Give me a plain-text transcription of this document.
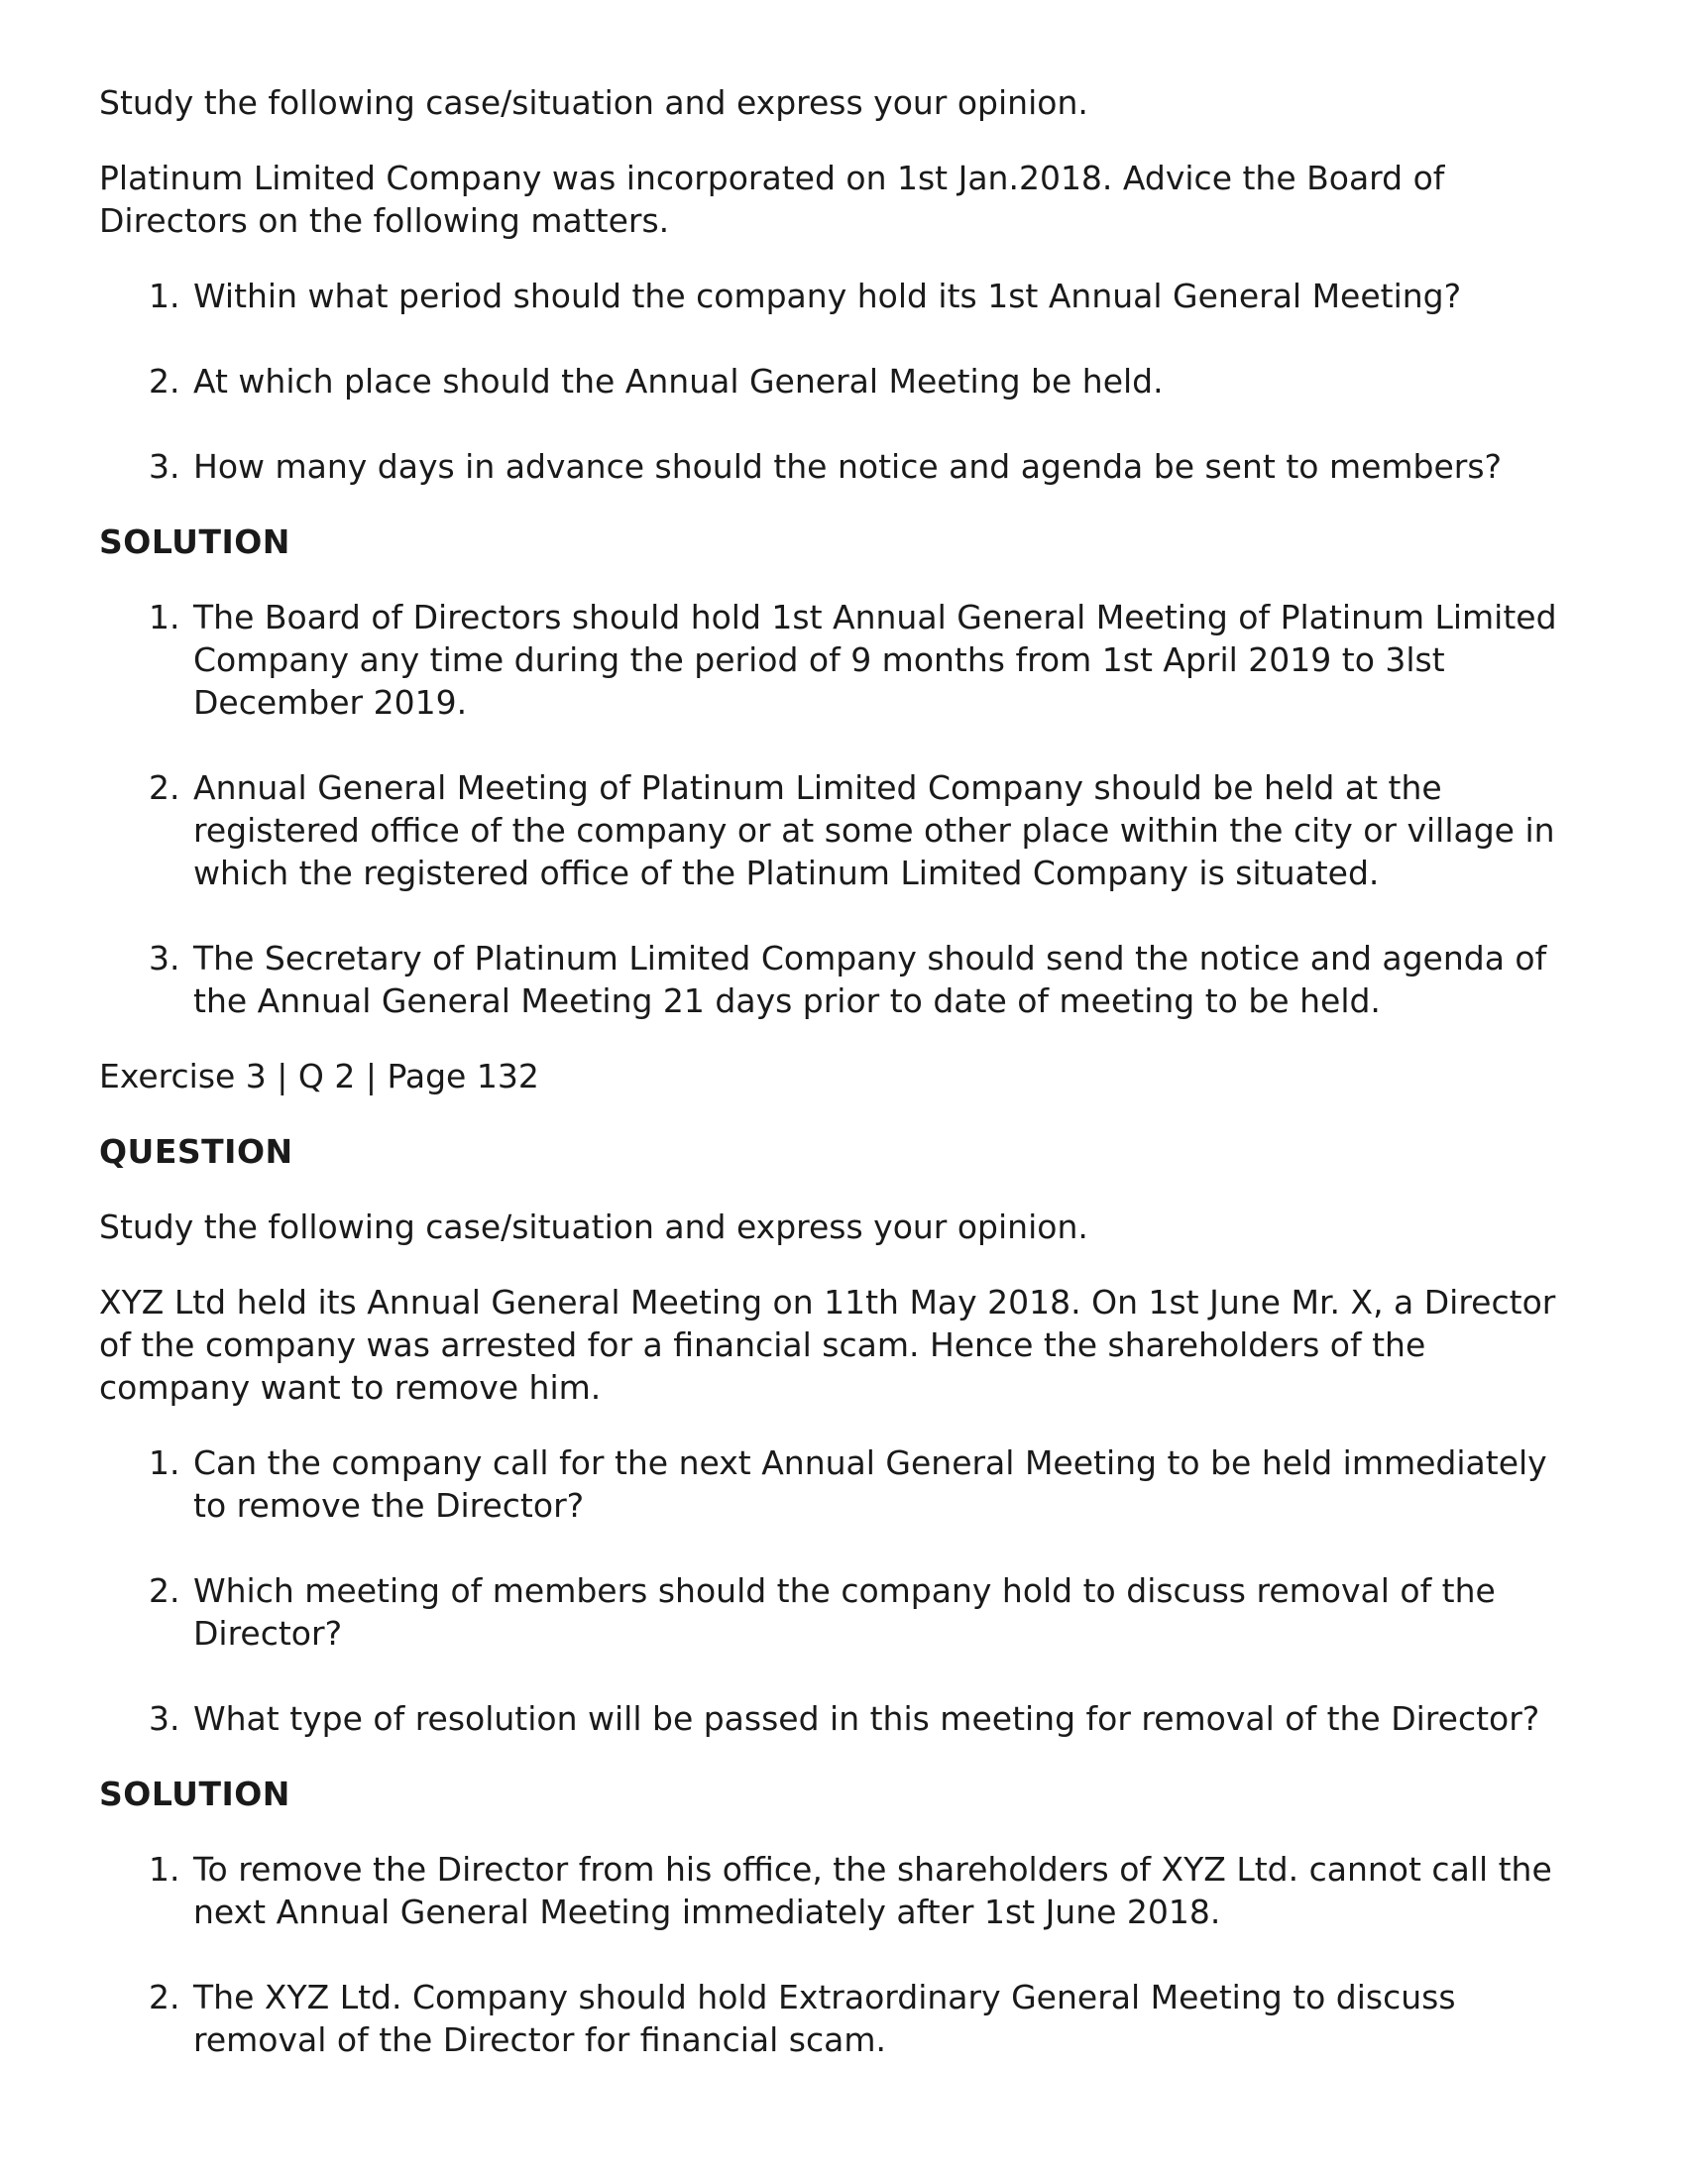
Study the following case/situation and express your opinion.

Platinum Limited Company was incorporated on 1st Jan.2018. Advice the Board of Directors on the following matters.

1. Within what period should the company hold its 1st Annual General Meeting?
2. At which place should the Annual General Meeting be held.
3. How many days in advance should the notice and agenda be sent to members?

SOLUTION

1. The Board of Directors should hold 1st Annual General Meeting of Platinum Limited Company any time during the period of 9 months from 1st April 2019 to 3lst December 2019.
2. Annual General Meeting of Platinum Limited Company should be held at the registered office of the company or at some other place within the city or village in which the registered office of the Platinum Limited Company is situated.
3. The Secretary of Platinum Limited Company should send the notice and agenda of the Annual General Meeting 21 days prior to date of meeting to be held.

Exercise 3 | Q 2 | Page 132

QUESTION

Study the following case/situation and express your opinion.

XYZ Ltd held its Annual General Meeting on 11th May 2018. On 1st June Mr. X, a Director of the company was arrested for a financial scam. Hence the shareholders of the company want to remove him.

1. Can the company call for the next Annual General Meeting to be held immediately to remove the Director?
2. Which meeting of members should the company hold to discuss removal of the Director?
3. What type of resolution will be passed in this meeting for removal of the Director?

SOLUTION

1. To remove the Director from his office, the shareholders of XYZ Ltd. cannot call the next Annual General Meeting immediately after 1st June 2018.
2. The XYZ Ltd. Company should hold Extraordinary General Meeting to discuss removal of the Director for financial scam.
